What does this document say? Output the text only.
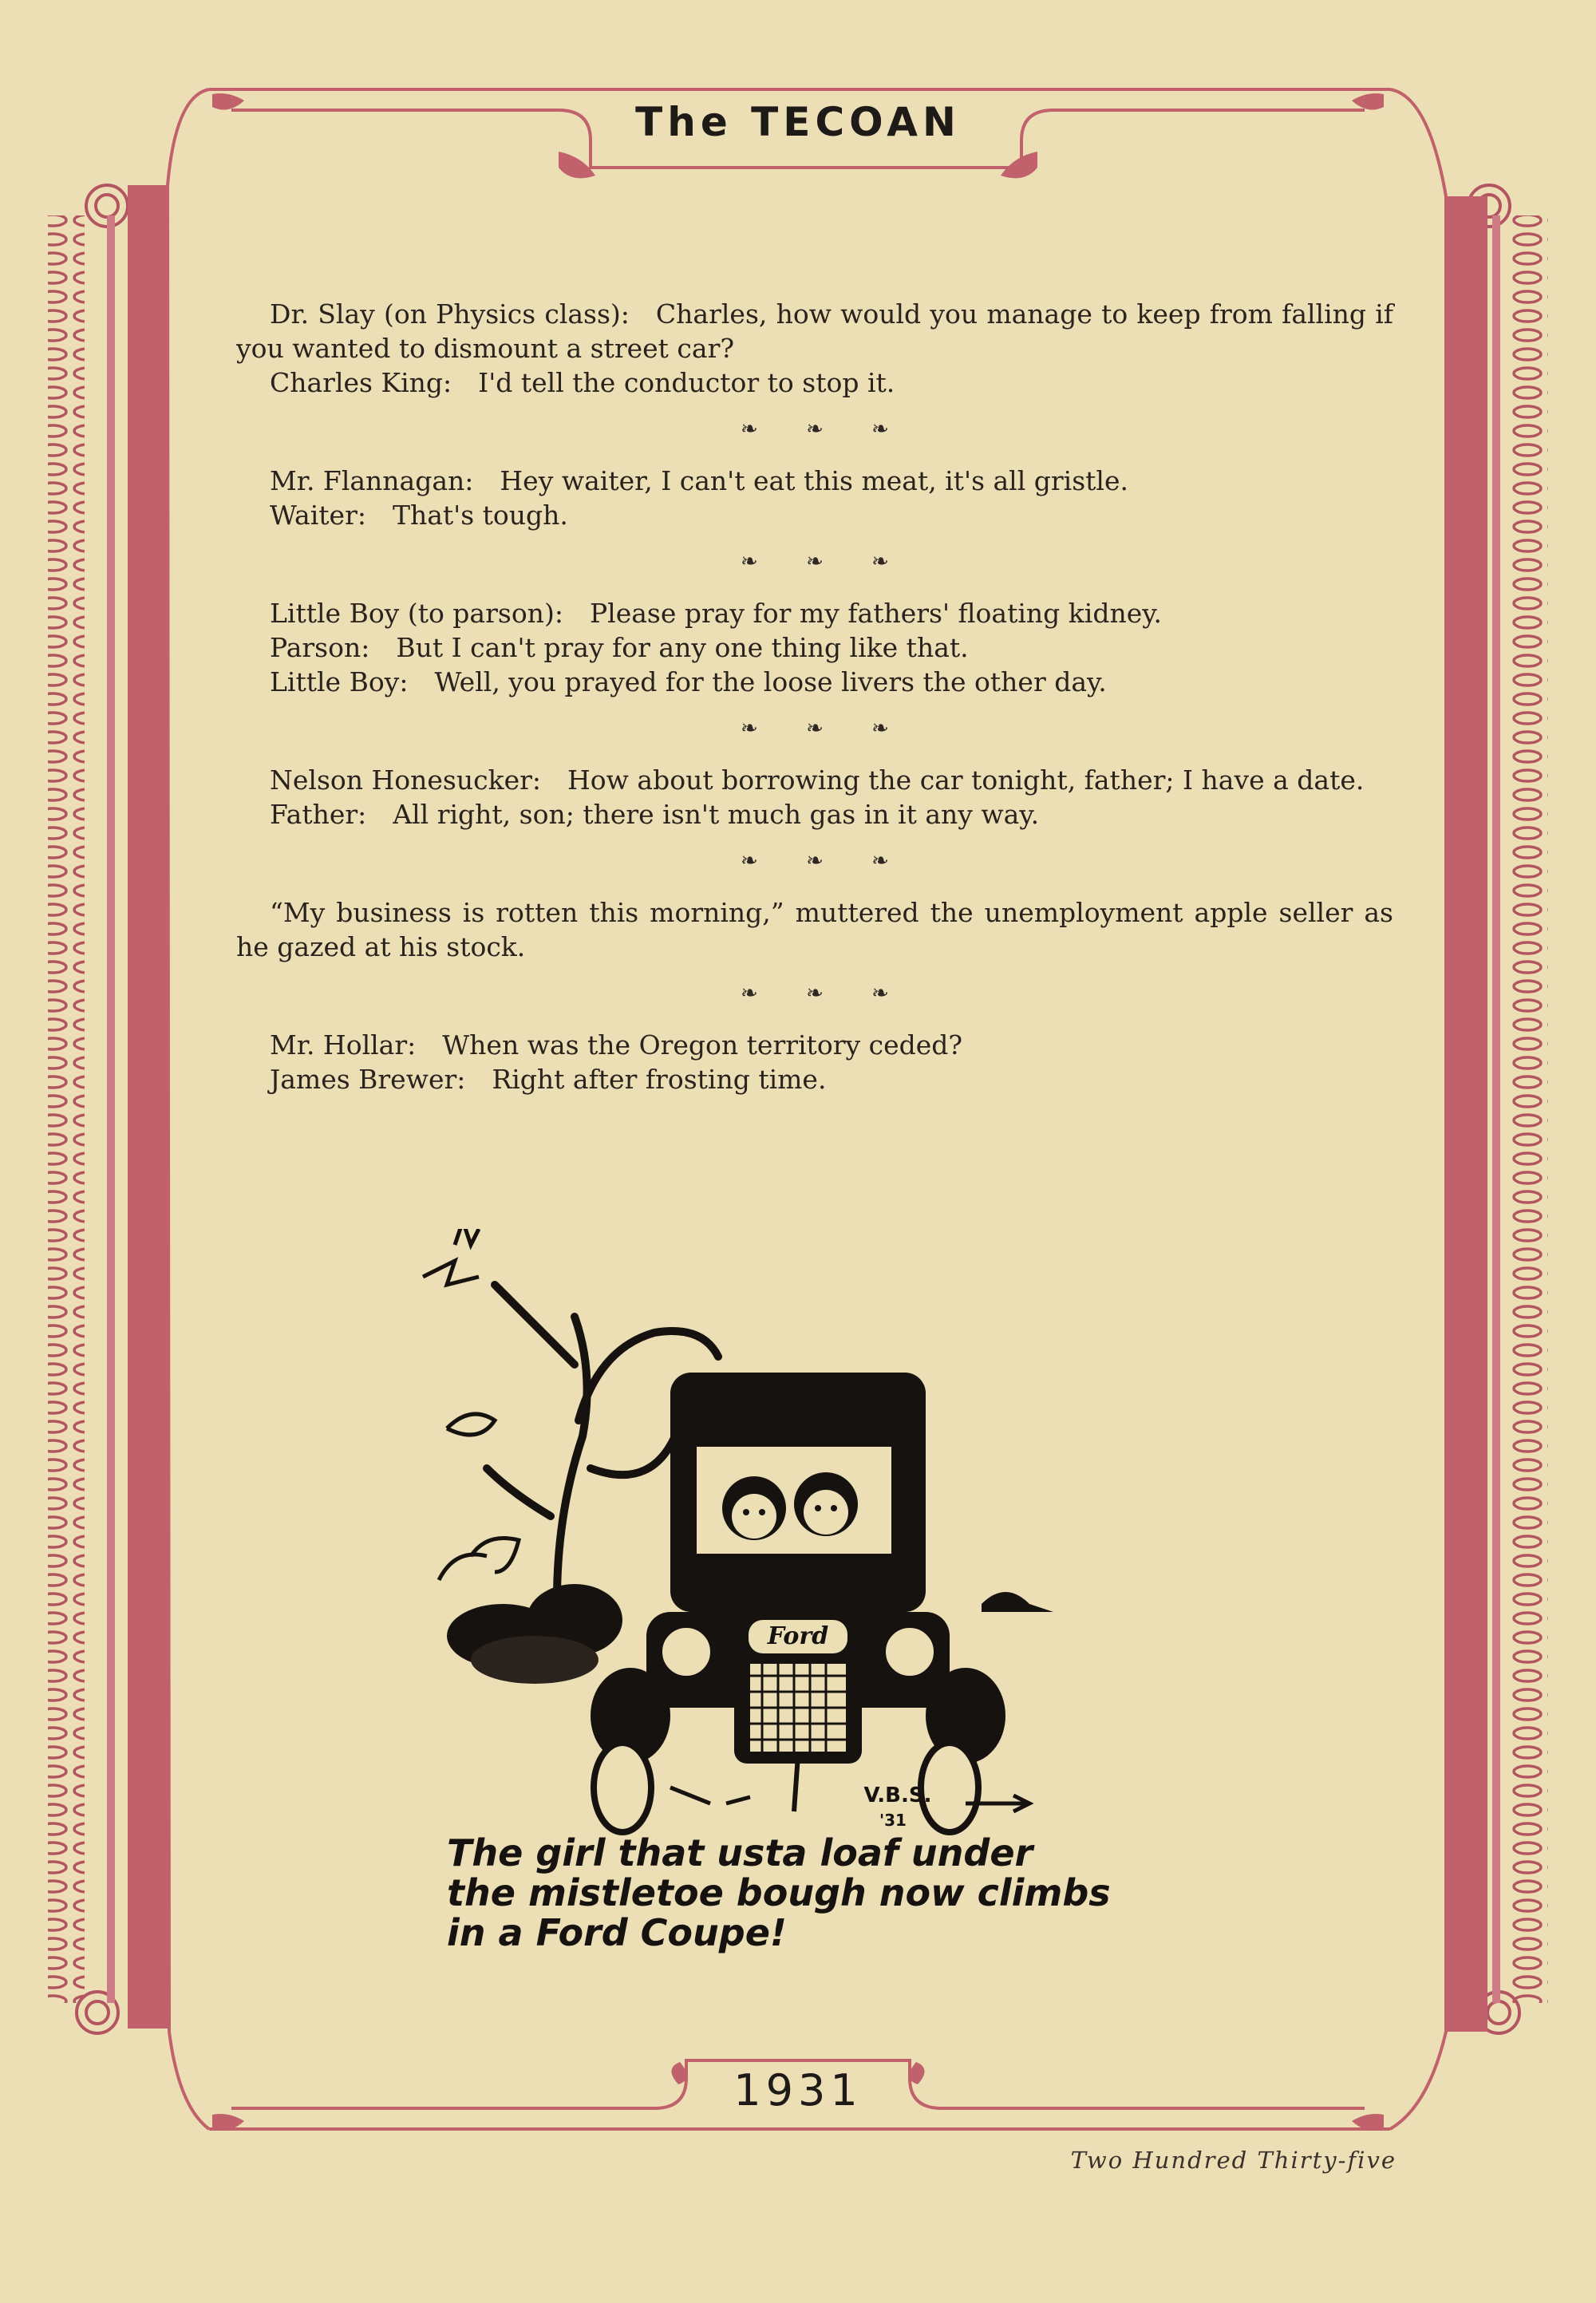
The TECOAN
Dr. Slay (on Physics class):  Charles, how would you manage to keep from falling if you wanted to dismount a street car?
Charles King:  I'd tell the conductor to stop it.
❧ ❧ ❧
Mr. Flannagan:  Hey waiter, I can't eat this meat, it's all gristle.
Waiter:  That's tough.
❧ ❧ ❧
Little Boy (to parson):  Please pray for my fathers' floating kidney.
Parson:  But I can't pray for any one thing like that.
Little Boy:  Well, you prayed for the loose livers the other day.
❧ ❧ ❧
Nelson Honesucker:  How about borrowing the car tonight, father; I have a date.
Father:  All right, son; there isn't much gas in it any way.
❧ ❧ ❧
“My business is rotten this morning,” muttered the unemployment apple seller as he gazed at his stock.
❧ ❧ ❧
Mr. Hollar:  When was the Oregon territory ceded?
James Brewer:  Right after frosting time.
Ford
V.B.S.
'31
The girl that usta loaf under
the mistletoe bough now climbs
in a Ford Coupe!
1931
Two Hundred Thirty-five
